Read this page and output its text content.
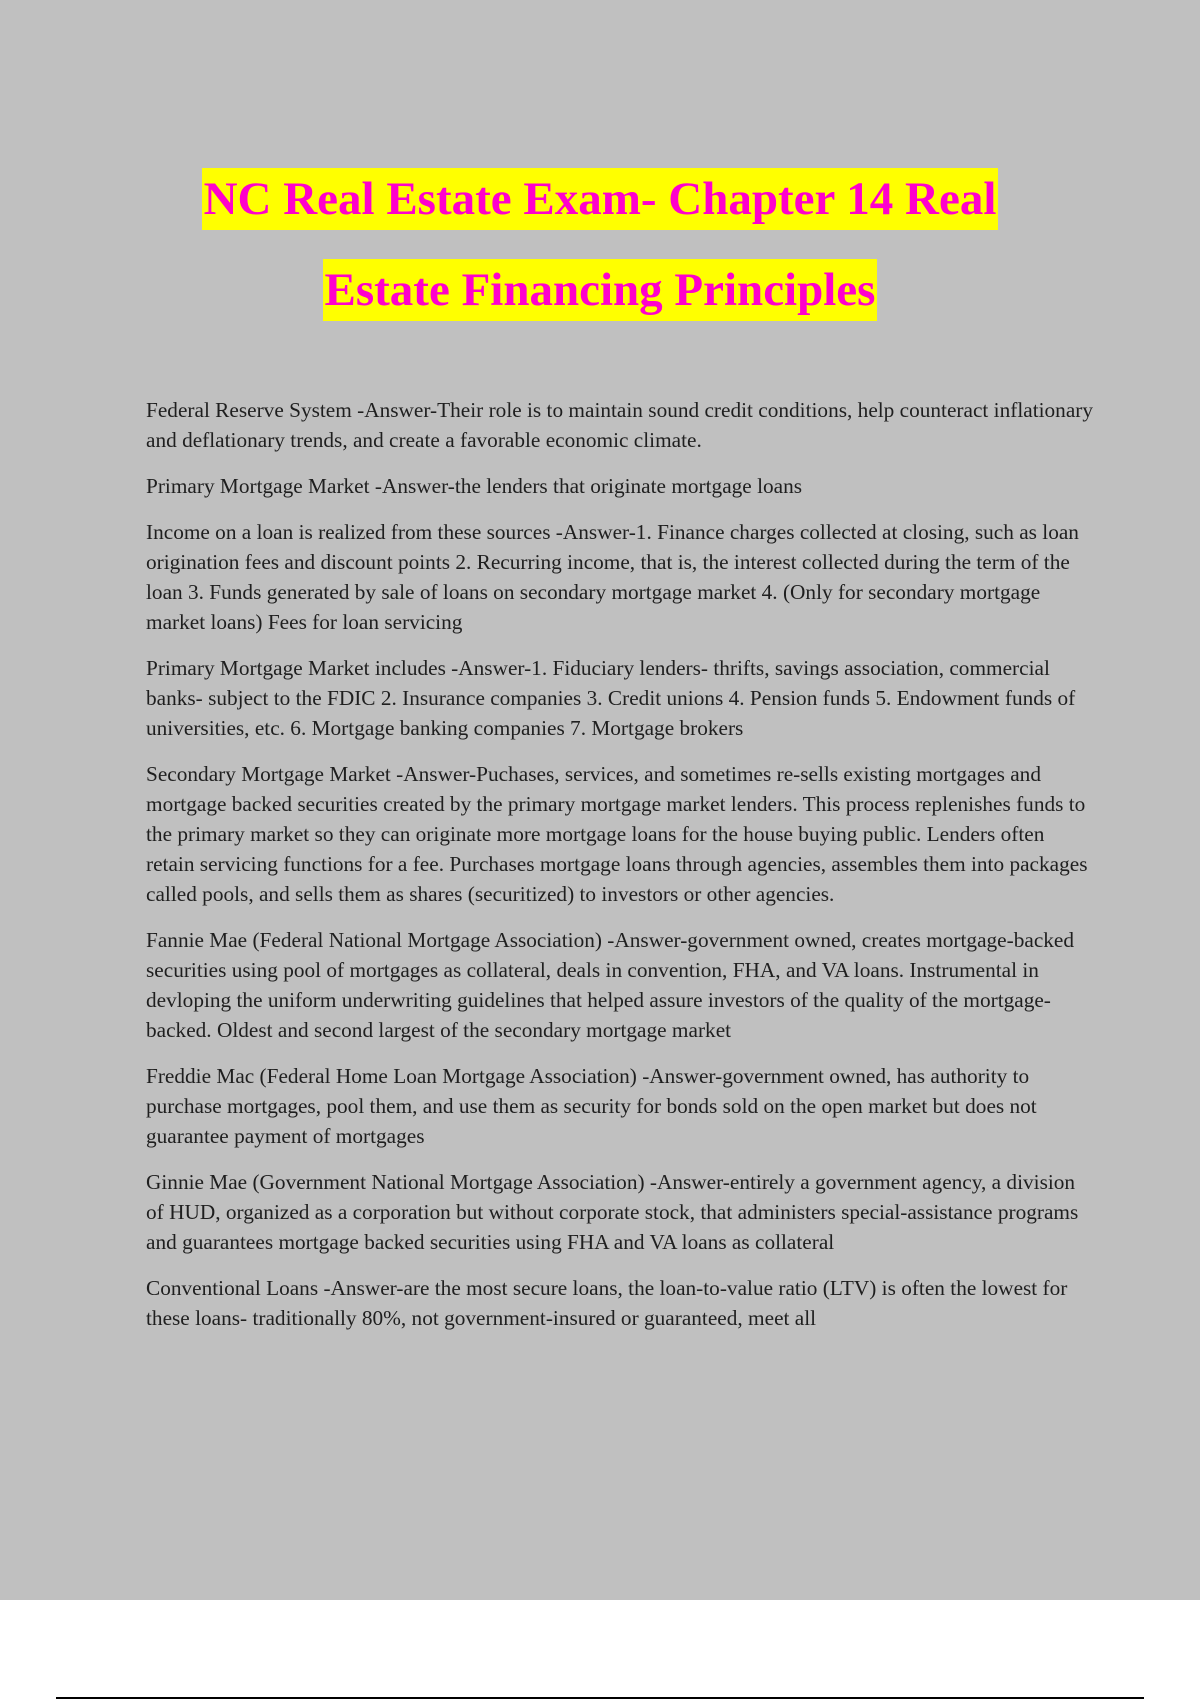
NC Real Estate Exam- Chapter 14 Real
Estate Financing Principles

Federal Reserve System -Answer-Their role is to maintain sound credit conditions, help counteract inflationary and deflationary trends, and create a favorable economic climate.

Primary Mortgage Market -Answer-the lenders that originate mortgage loans

Income on a loan is realized from these sources -Answer-1. Finance charges collected at closing, such as loan origination fees and discount points 2. Recurring income, that is, the interest collected during the term of the loan 3. Funds generated by sale of loans on secondary mortgage market 4. (Only for secondary mortgage market loans) Fees for loan servicing

Primary Mortgage Market includes -Answer-1. Fiduciary lenders- thrifts, savings association, commercial banks- subject to the FDIC 2. Insurance companies 3. Credit unions 4. Pension funds 5. Endowment funds of universities, etc. 6. Mortgage banking companies 7. Mortgage brokers

Secondary Mortgage Market -Answer-Puchases, services, and sometimes re-sells existing mortgages and mortgage backed securities created by the primary mortgage market lenders. This process replenishes funds to the primary market so they can originate more mortgage loans for the house buying public. Lenders often retain servicing functions for a fee. Purchases mortgage loans through agencies, assembles them into packages called pools, and sells them as shares (securitized) to investors or other agencies.

Fannie Mae (Federal National Mortgage Association) -Answer-government owned, creates mortgage-backed securities using pool of mortgages as collateral, deals in convention, FHA, and VA loans. Instrumental in devloping the uniform underwriting guidelines that helped assure investors of the quality of the mortgage-backed. Oldest and second largest of the secondary mortgage market

Freddie Mac (Federal Home Loan Mortgage Association) -Answer-government owned, has authority to purchase mortgages, pool them, and use them as security for bonds sold on the open market but does not guarantee payment of mortgages

Ginnie Mae (Government National Mortgage Association) -Answer-entirely a government agency, a division of HUD, organized as a corporation but without corporate stock, that administers special-assistance programs and guarantees mortgage backed securities using FHA and VA loans as collateral

Conventional Loans -Answer-are the most secure loans, the loan-to-value ratio (LTV) is often the lowest for these loans- traditionally 80%, not government-insured or guaranteed, meet all
